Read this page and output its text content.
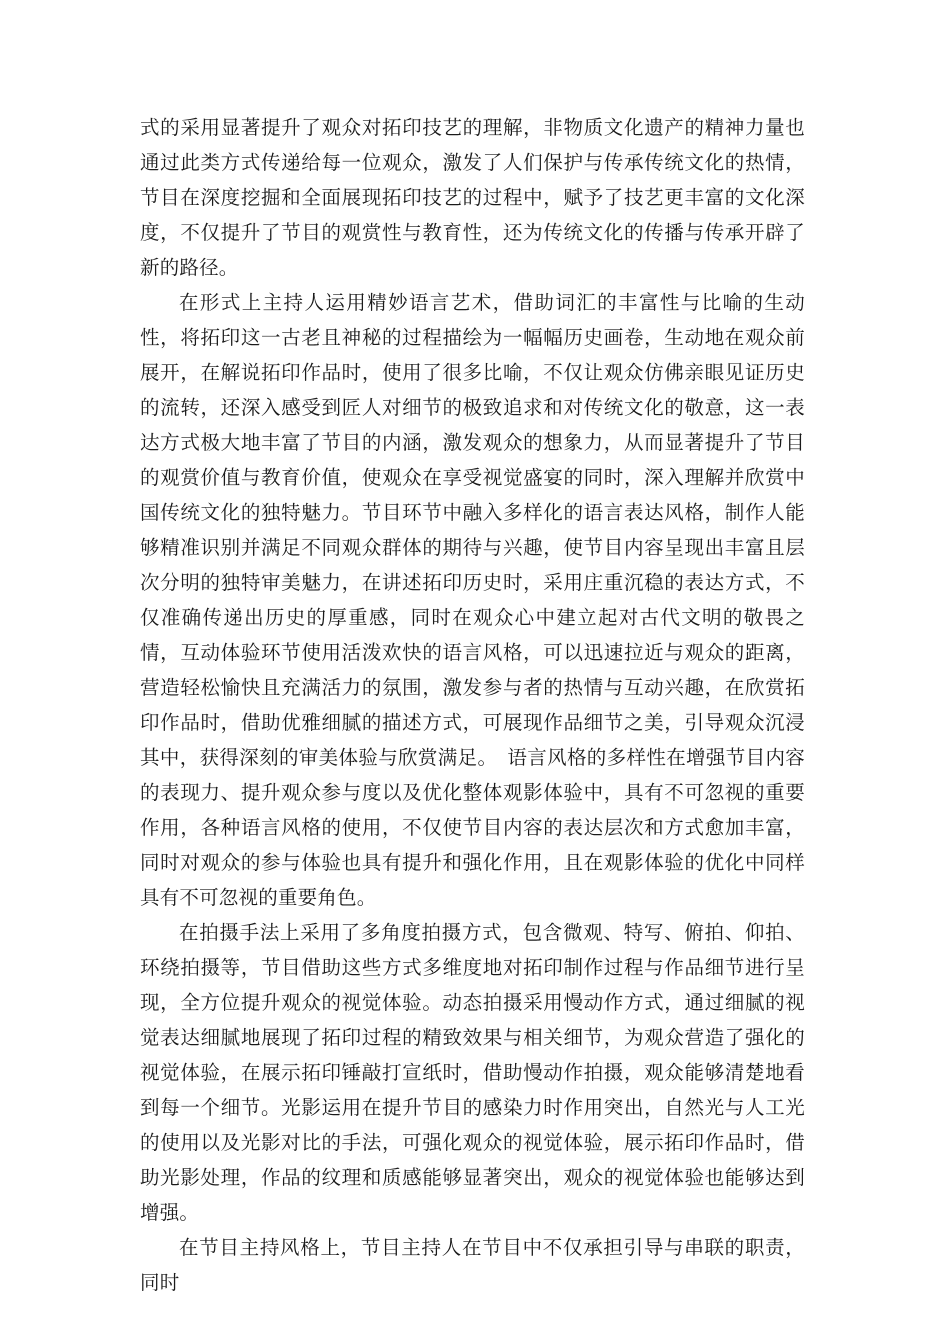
式的采用显著提升了观众对拓印技艺的理解，非物质文化遗产的精神力量也通过此类方式传递给每一位观众，激发了人们保护与传承传统文化的热情，节目在深度挖掘和全面展现拓印技艺的过程中，赋予了技艺更丰富的文化深度，不仅提升了节目的观赏性与教育性，还为传统文化的传播与传承开辟了新的路径。

在形式上主持人运用精妙语言艺术，借助词汇的丰富性与比喻的生动性，将拓印这一古老且神秘的过程描绘为一幅幅历史画卷，生动地在观众前展开，在解说拓印作品时，使用了很多比喻，不仅让观众仿佛亲眼见证历史的流转，还深入感受到匠人对细节的极致追求和对传统文化的敬意，这一表达方式极大地丰富了节目的内涵，激发观众的想象力，从而显著提升了节目的观赏价值与教育价值，使观众在享受视觉盛宴的同时，深入理解并欣赏中国传统文化的独特魅力。节目环节中融入多样化的语言表达风格，制作人能够精准识别并满足不同观众群体的期待与兴趣，使节目内容呈现出丰富且层次分明的独特审美魅力，在讲述拓印历史时，采用庄重沉稳的表达方式，不仅准确传递出历史的厚重感，同时在观众心中建立起对古代文明的敬畏之情，互动体验环节使用活泼欢快的语言风格，可以迅速拉近与观众的距离，营造轻松愉快且充满活力的氛围，激发参与者的热情与互动兴趣，在欣赏拓印作品时，借助优雅细腻的描述方式，可展现作品细节之美，引导观众沉浸其中，获得深刻的审美体验与欣赏满足。　语言风格的多样性在增强节目内容的表现力、提升观众参与度以及优化整体观影体验中，具有不可忽视的重要作用，各种语言风格的使用，不仅使节目内容的表达层次和方式愈加丰富，同时对观众的参与体验也具有提升和强化作用，且在观影体验的优化中同样具有不可忽视的重要角色。

在拍摄手法上采用了多角度拍摄方式，包含微观、特写、俯拍、仰拍、环绕拍摄等，节目借助这些方式多维度地对拓印制作过程与作品细节进行呈现，全方位提升观众的视觉体验。动态拍摄采用慢动作方式，通过细腻的视觉表达细腻地展现了拓印过程的精致效果与相关细节，为观众营造了强化的视觉体验，在展示拓印锤敲打宣纸时，借助慢动作拍摄，观众能够清楚地看到每一个细节。光影运用在提升节目的感染力时作用突出，自然光与人工光的使用以及光影对比的手法，可强化观众的视觉体验，展示拓印作品时，借助光影处理，作品的纹理和质感能够显著突出，观众的视觉体验也能够达到增强。

在节目主持风格上，节目主持人在节目中不仅承担引导与串联的职责，同时
